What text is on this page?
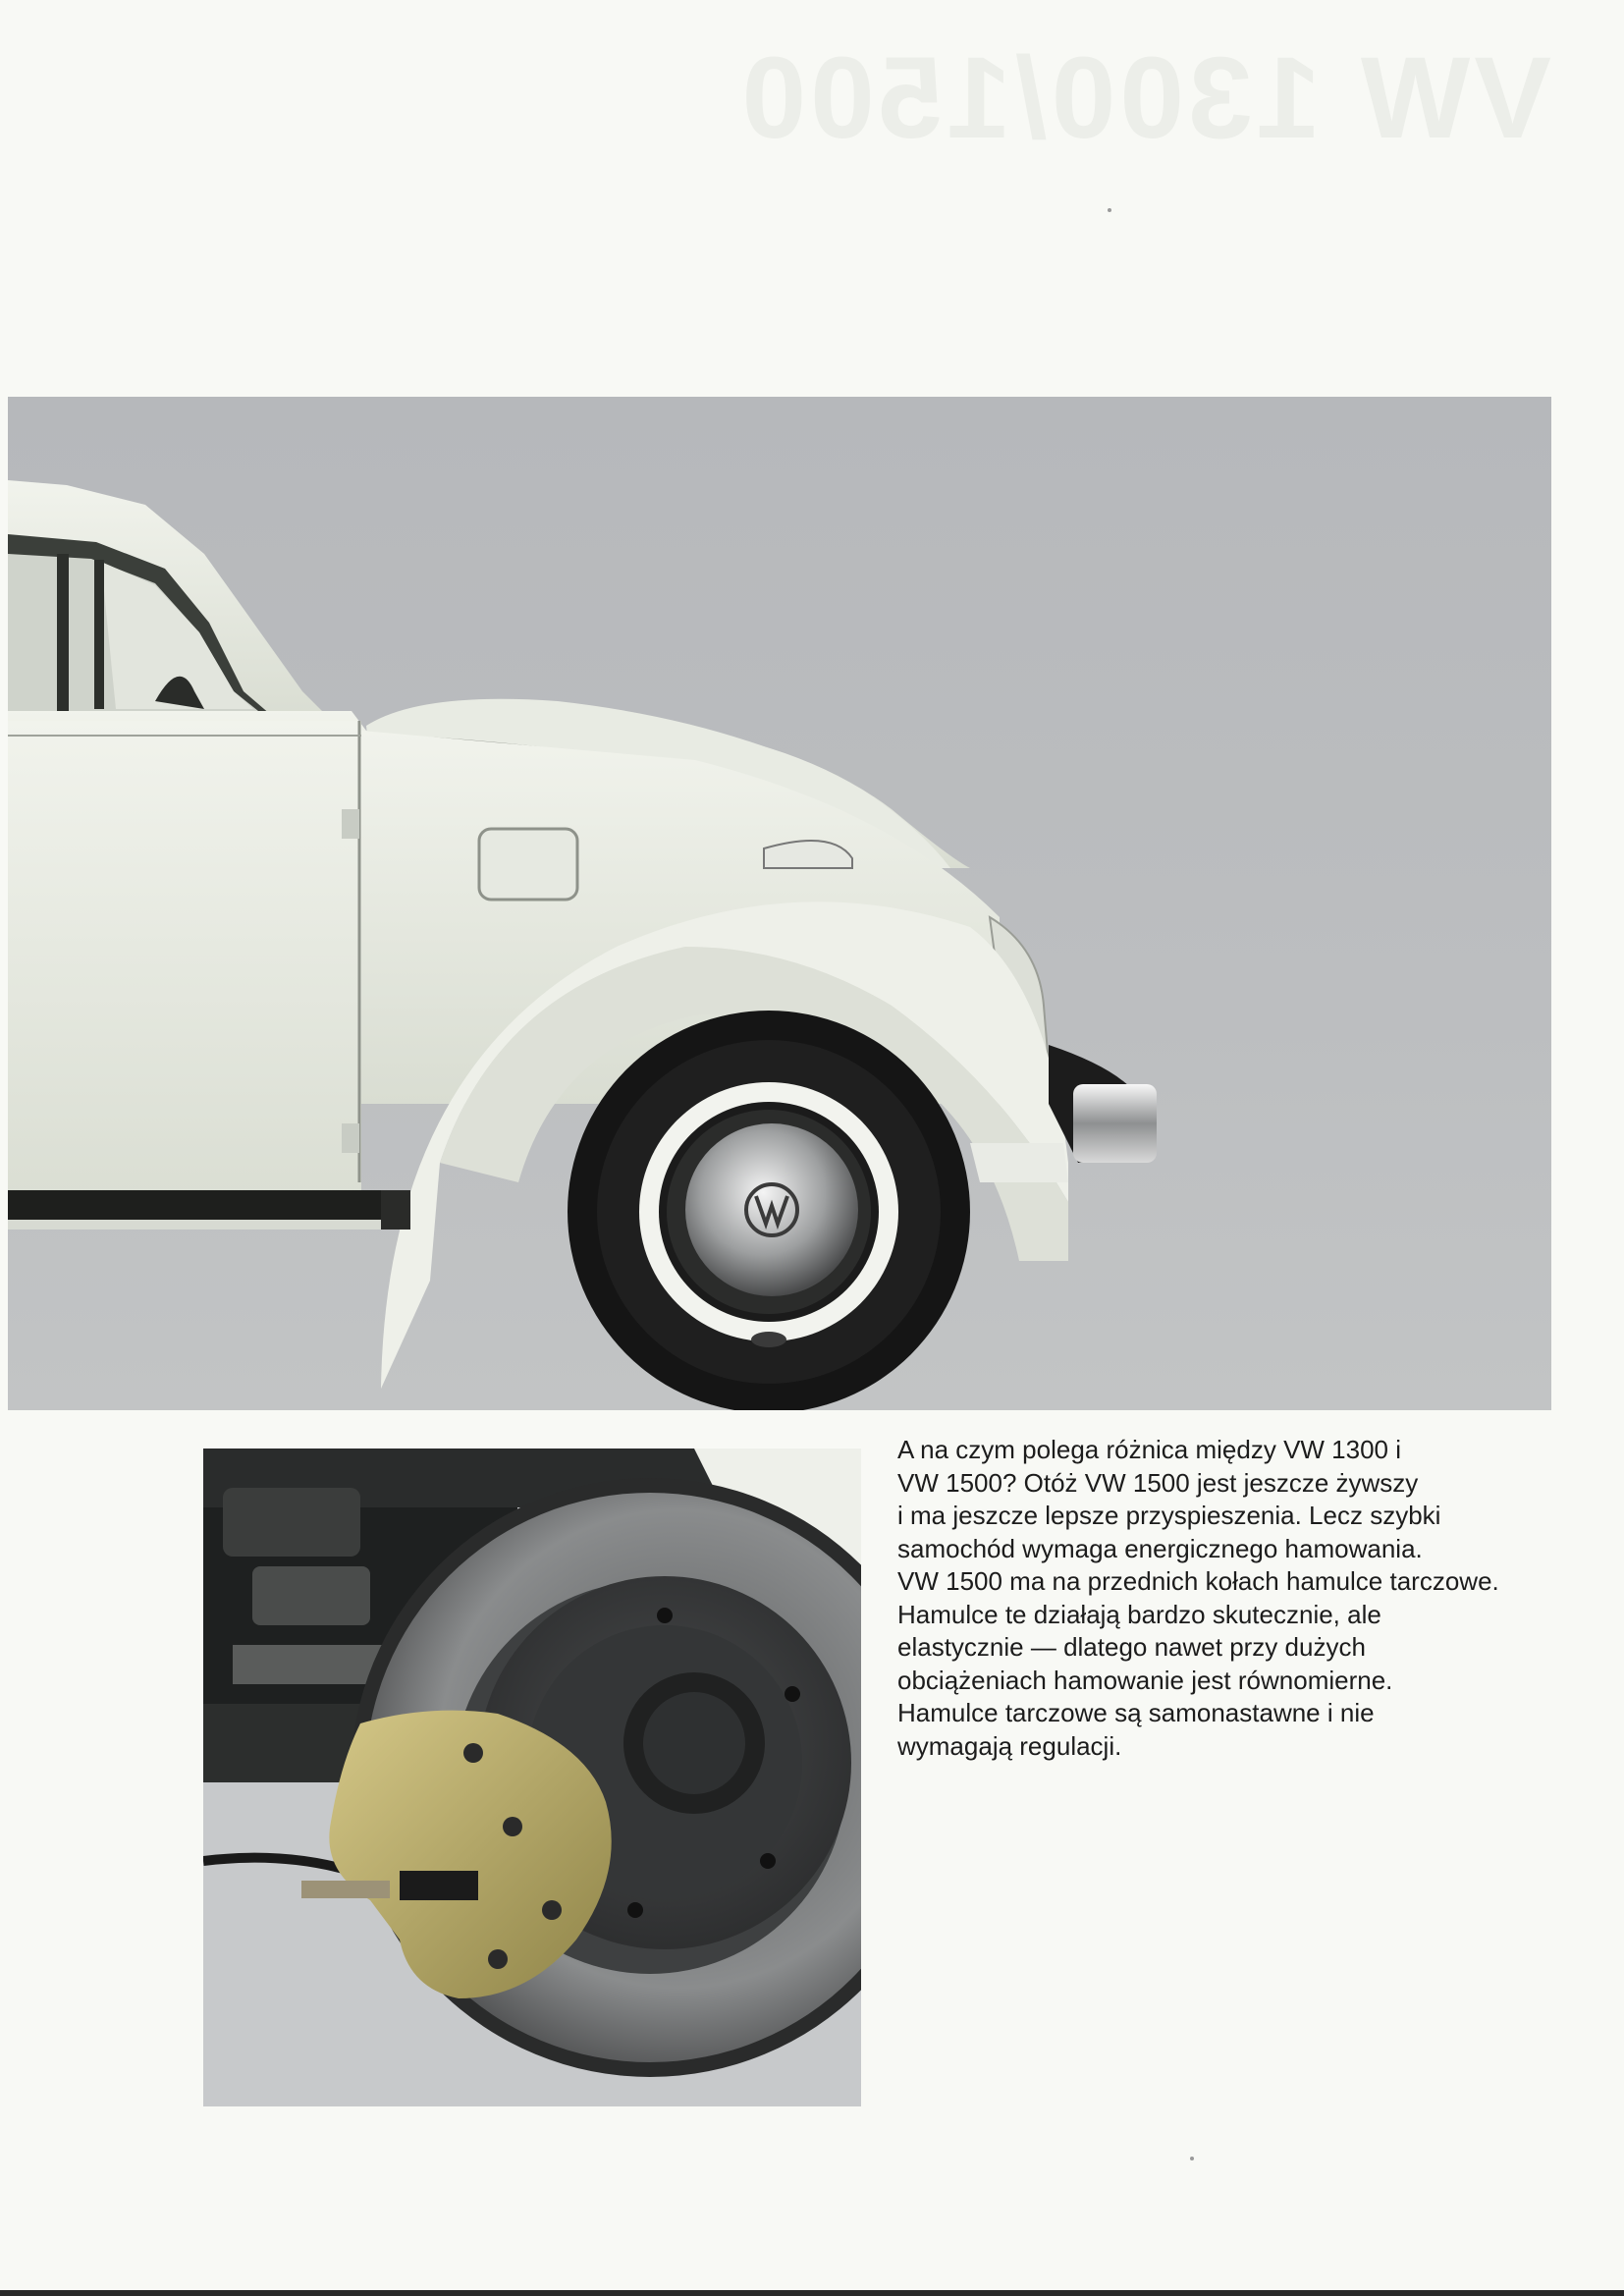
VW 1300/1500
A na czym polega różnica między VW 1300 i
VW 1500? Otóż VW 1500 jest jeszcze żywszy
i ma jeszcze lepsze przyspieszenia. Lecz szybki
samochód wymaga energicznego hamowania.
VW 1500 ma na przednich kołach hamulce tarczowe.
Hamulce te działają bardzo skutecznie, ale
elastycznie — dlatego nawet przy dużych
obciążeniach hamowanie jest równomierne.
Hamulce tarczowe są samonastawne i nie
wymagają regulacji.
